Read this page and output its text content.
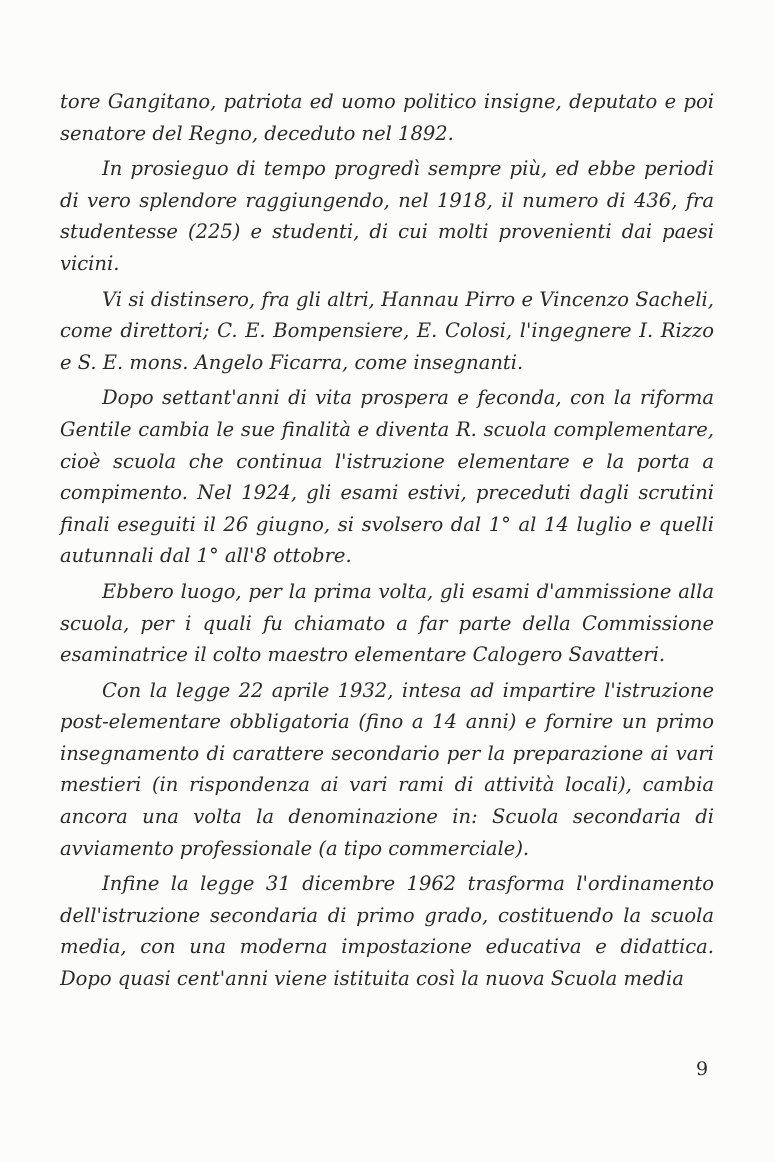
tore Gangitano, patriota ed uomo politico insigne, deputato e poi senatore del Regno, deceduto nel 1892.

In prosieguo di tempo progredì sempre più, ed ebbe periodi di vero splendore raggiungendo, nel 1918, il numero di 436, fra studentesse (225) e studenti, di cui molti provenienti dai paesi vicini.

Vi si distinsero, fra gli altri, Hannau Pirro e Vincenzo Sacheli, come direttori; C. E. Bompensiere, E. Colosi, l'ingegnere I. Rizzo e S. E. mons. Angelo Ficarra, come insegnanti.

Dopo settant'anni di vita prospera e feconda, con la riforma Gentile cambia le sue finalità e diventa R. scuola complementare, cioè scuola che continua l'istruzione elementare e la porta a compimento. Nel 1924, gli esami estivi, preceduti dagli scrutini finali eseguiti il 26 giugno, si svolsero dal 1° al 14 luglio e quelli autunnali dal 1° all'8 ottobre.

Ebbero luogo, per la prima volta, gli esami d'ammissione alla scuola, per i quali fu chiamato a far parte della Commissione esaminatrice il colto maestro elementare Calogero Savatteri.

Con la legge 22 aprile 1932, intesa ad impartire l'istruzione post-elementare obbligatoria (fino a 14 anni) e fornire un primo insegnamento di carattere secondario per la preparazione ai vari mestieri (in rispondenza ai vari rami di attività locali), cambia ancora una volta la denominazione in: Scuola secondaria di avviamento professionale (a tipo commerciale).

Infine la legge 31 dicembre 1962 trasforma l'ordinamento dell'istruzione secondaria di primo grado, costituendo la scuola media, con una moderna impostazione educativa e didattica. Dopo quasi cent'anni viene istituita così la nuova Scuola media

9
